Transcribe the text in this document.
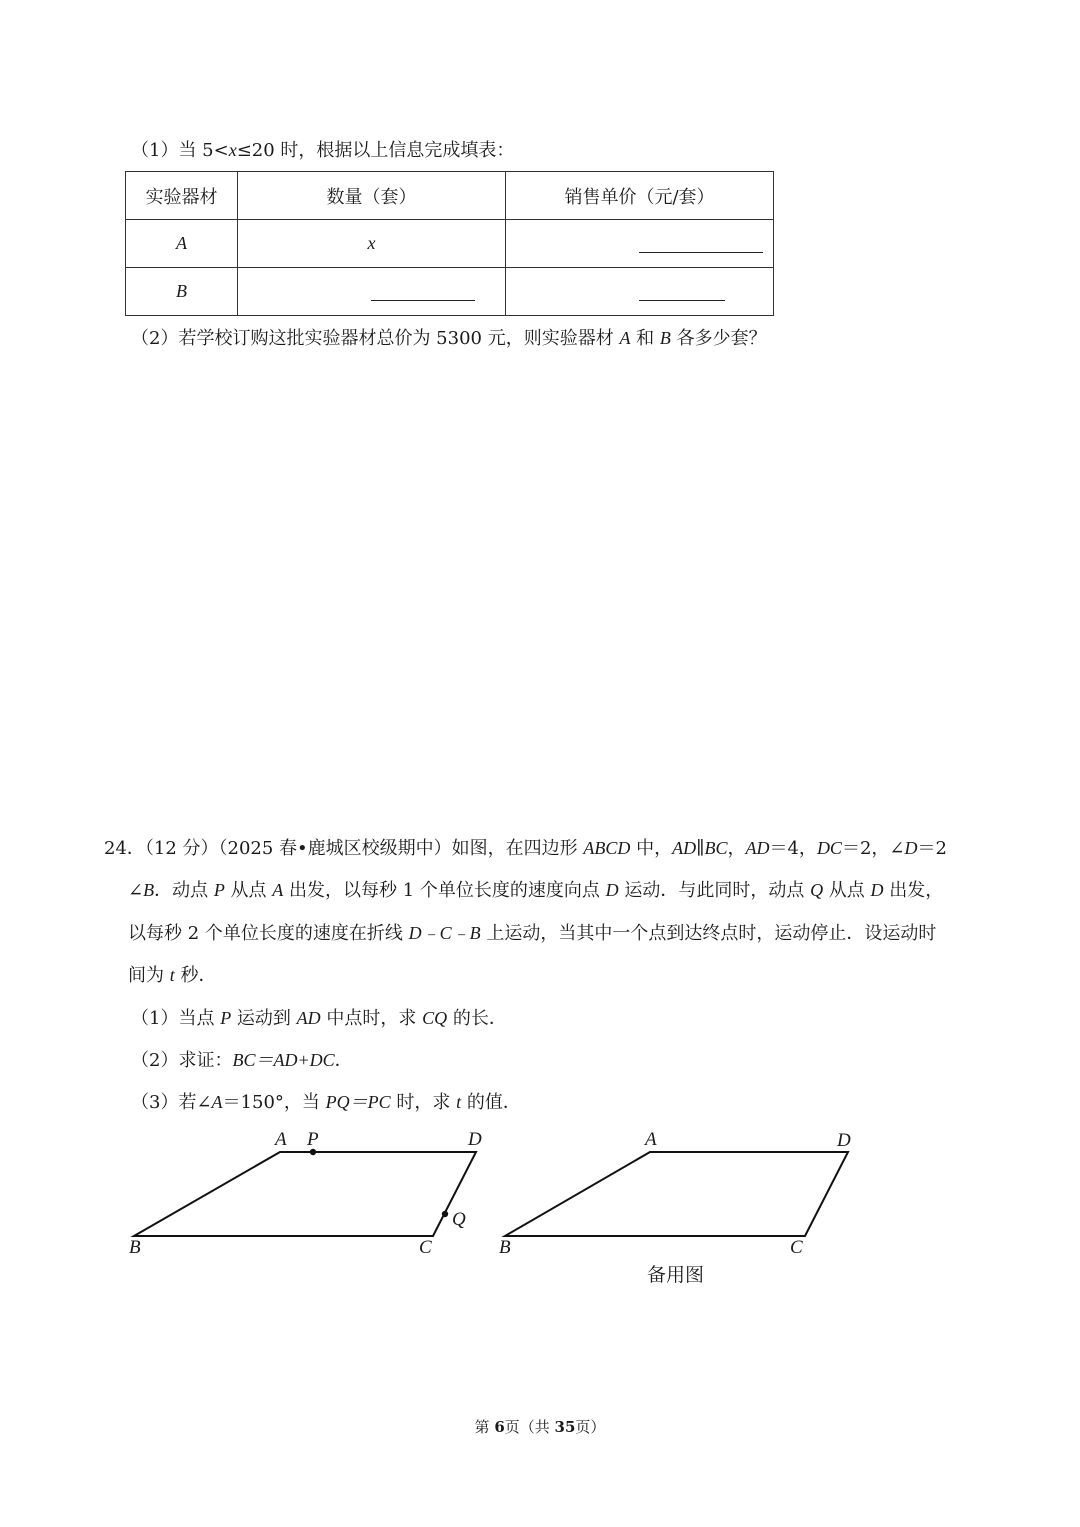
（1）当 5<x≤20 时，根据以上信息完成填表：
实验器材	数量（套）	销售单价（元/套）
A	x	

B	

（2）若学校订购这批实验器材总价为 5300 元，则实验器材 A 和 B 各多少套？
24．（12 分）（2025 春•鹿城区校级期中）如图，在四边形 ABCD 中，AD∥BC，AD＝4，DC＝2，∠D＝2
∠B．动点 P 从点 A 出发，以每秒 1 个单位长度的速度向点 D 运动．与此同时，动点 Q 从点 D 出发，
以每秒 2 个单位长度的速度在折线 D﹣C﹣B 上运动，当其中一个点到达终点时，运动停止．设运动时
间为 t 秒．
（1）当点 P 运动到 AD 中点时，求 CQ 的长．
（2）求证：BC＝AD+DC．
（3）若∠A＝150°，当 PQ＝PC 时，求 t 的值．
A P	D
Q
B	C
A	D
B	C
备用图
第 6页（共 35页）
